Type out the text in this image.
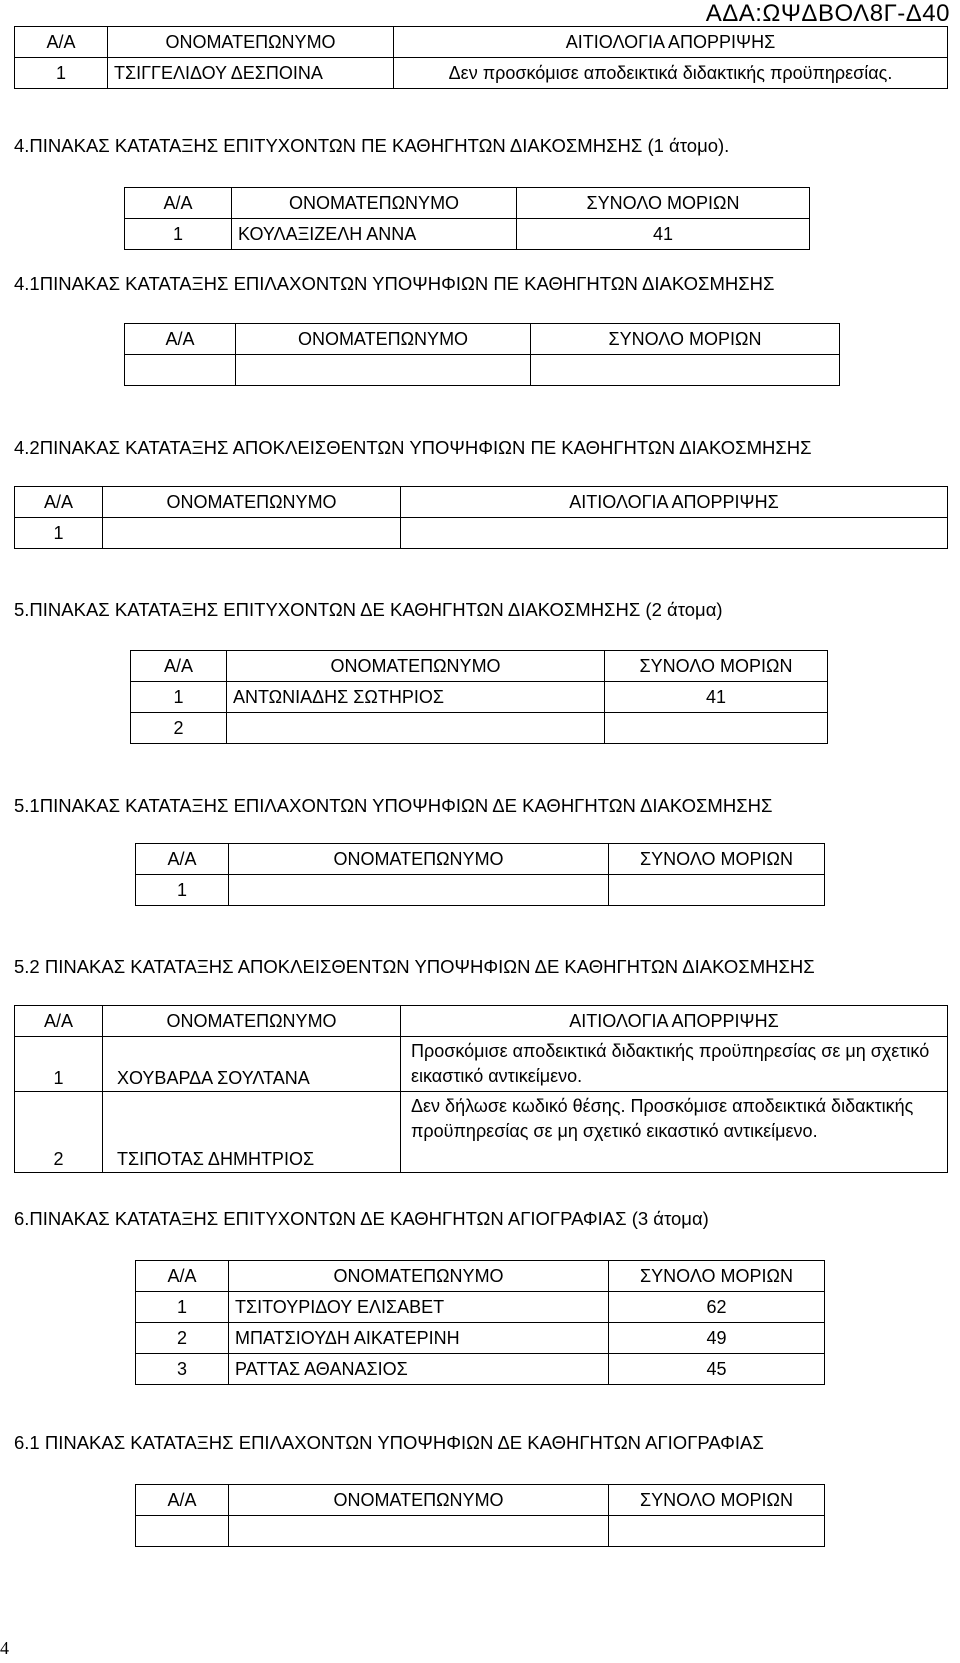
ΑΔΑ:ΩΨΔΒΟΛ8Γ-Δ40
Α/Α	ΟΝΟΜΑΤΕΠΩΝΥΜΟ	ΑΙΤΙΟΛΟΓΙΑ ΑΠΟΡΡΙΨΗΣ
1	ΤΣΙΓΓΕΛΙΔΟΥ ΔΕΣΠΟΙΝΑ	Δεν προσκόμισε αποδεικτικά διδακτικής προϋπηρεσίας.
4.ΠΙΝΑΚΑΣ ΚΑΤΑΤΑΞΗΣ ΕΠΙΤΥΧΟΝΤΩΝ ΠΕ ΚΑΘΗΓΗΤΩΝ ΔΙΑΚΟΣΜΗΣΗΣ (1 άτομο).
Α/Α	ΟΝΟΜΑΤΕΠΩΝΥΜΟ	ΣΥΝΟΛΟ ΜΟΡΙΩΝ
1	ΚΟΥΛΑΞΙΖΕΛΗ ΑΝΝΑ	41
4.1ΠΙΝΑΚΑΣ ΚΑΤΑΤΑΞΗΣ ΕΠΙΛΑΧΟΝΤΩΝ ΥΠΟΨΗΦΙΩΝ ΠΕ ΚΑΘΗΓΗΤΩΝ ΔΙΑΚΟΣΜΗΣΗΣ
Α/Α	ΟΝΟΜΑΤΕΠΩΝΥΜΟ	ΣΥΝΟΛΟ ΜΟΡΙΩΝ

4.2ΠΙΝΑΚΑΣ ΚΑΤΑΤΑΞΗΣ ΑΠΟΚΛΕΙΣΘΕΝΤΩΝ ΥΠΟΨΗΦΙΩΝ ΠΕ ΚΑΘΗΓΗΤΩΝ ΔΙΑΚΟΣΜΗΣΗΣ
Α/Α	ΟΝΟΜΑΤΕΠΩΝΥΜΟ	ΑΙΤΙΟΛΟΓΙΑ ΑΠΟΡΡΙΨΗΣ
1		
5.ΠΙΝΑΚΑΣ ΚΑΤΑΤΑΞΗΣ ΕΠΙΤΥΧΟΝΤΩΝ ΔΕ ΚΑΘΗΓΗΤΩΝ ΔΙΑΚΟΣΜΗΣΗΣ (2 άτομα)
Α/Α	ΟΝΟΜΑΤΕΠΩΝΥΜΟ	ΣΥΝΟΛΟ ΜΟΡΙΩΝ
1	ΑΝΤΩΝΙΑΔΗΣ ΣΩΤΗΡΙΟΣ	41
2		
5.1ΠΙΝΑΚΑΣ ΚΑΤΑΤΑΞΗΣ ΕΠΙΛΑΧΟΝΤΩΝ ΥΠΟΨΗΦΙΩΝ ΔΕ ΚΑΘΗΓΗΤΩΝ ΔΙΑΚΟΣΜΗΣΗΣ
Α/Α	ΟΝΟΜΑΤΕΠΩΝΥΜΟ	ΣΥΝΟΛΟ ΜΟΡΙΩΝ
1		
5.2 ΠΙΝΑΚΑΣ ΚΑΤΑΤΑΞΗΣ ΑΠΟΚΛΕΙΣΘΕΝΤΩΝ ΥΠΟΨΗΦΙΩΝ ΔΕ ΚΑΘΗΓΗΤΩΝ ΔΙΑΚΟΣΜΗΣΗΣ
Α/Α	ΟΝΟΜΑΤΕΠΩΝΥΜΟ	ΑΙΤΙΟΛΟΓΙΑ ΑΠΟΡΡΙΨΗΣ
1	ΧΟΥΒΑΡΔΑ ΣΟΥΛΤΑΝΑ	Προσκόμισε αποδεικτικά διδακτικής προϋπηρεσίας σε μη σχετικό εικαστικό αντικείμενο.
2	ΤΣΙΠΟΤΑΣ ΔΗΜΗΤΡΙΟΣ	Δεν δήλωσε κωδικό θέσης. Προσκόμισε αποδεικτικά διδακτικής προϋπηρεσίας σε μη σχετικό εικαστικό αντικείμενο.
6.ΠΙΝΑΚΑΣ ΚΑΤΑΤΑΞΗΣ ΕΠΙΤΥΧΟΝΤΩΝ ΔΕ ΚΑΘΗΓΗΤΩΝ ΑΓΙΟΓΡΑΦΙΑΣ (3 άτομα)
Α/Α	ΟΝΟΜΑΤΕΠΩΝΥΜΟ	ΣΥΝΟΛΟ ΜΟΡΙΩΝ
1	ΤΣΙΤΟΥΡΙΔΟΥ ΕΛΙΣΑΒΕΤ	62
2	ΜΠΑΤΣΙΟΥΔΗ ΑΙΚΑΤΕΡΙΝΗ	49
3	ΡΑΤΤΑΣ ΑΘΑΝΑΣΙΟΣ	45
6.1 ΠΙΝΑΚΑΣ ΚΑΤΑΤΑΞΗΣ ΕΠΙΛΑΧΟΝΤΩΝ ΥΠΟΨΗΦΙΩΝ ΔΕ ΚΑΘΗΓΗΤΩΝ ΑΓΙΟΓΡΑΦΙΑΣ
Α/Α	ΟΝΟΜΑΤΕΠΩΝΥΜΟ	ΣΥΝΟΛΟ ΜΟΡΙΩΝ

4
